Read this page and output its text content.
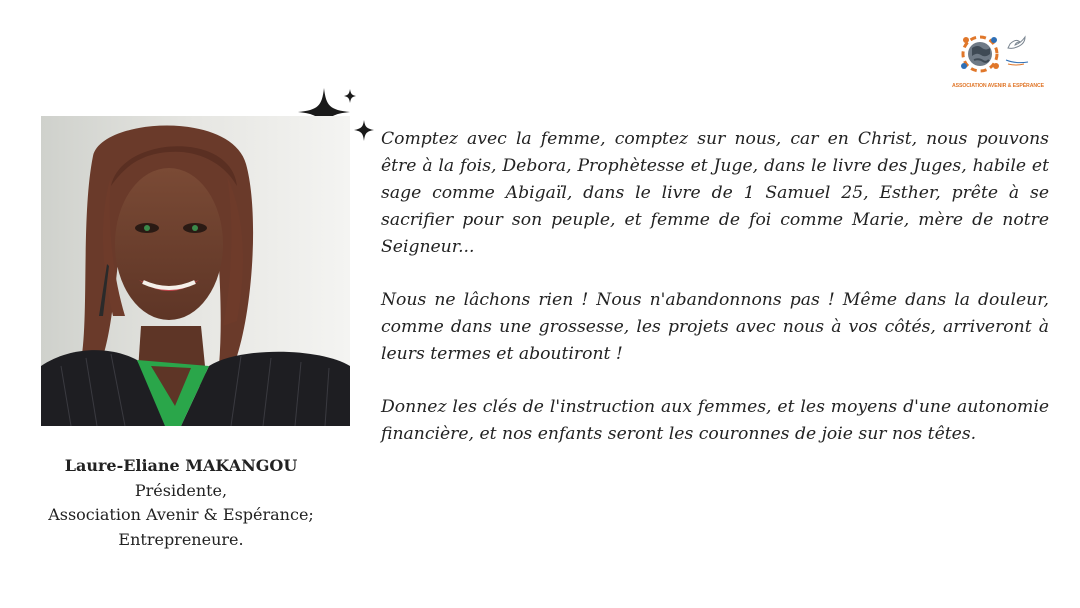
ASSOCIATION AVENIR & ESPÉRANCE
Laure-Eliane MAKANGOU
Présidente,
Association Avenir & Espérance;
Entrepreneure.

Comptez avec la femme, comptez sur nous, car en Christ, nous pouvons être à la fois, Debora, Prophètesse et Juge, dans le livre des Juges, habile et sage comme Abigaïl, dans le livre de 1 Samuel 25, Esther, prête à se sacrifier pour son peuple, et femme de foi comme Marie, mère de notre Seigneur...

Nous ne lâchons rien ! Nous n'abandonnons pas ! Même dans la douleur, comme dans une grossesse, les projets avec nous à vos côtés, arriveront à leurs termes et aboutiront !

Donnez les clés de l'instruction aux femmes, et les moyens d'une autonomie financière, et nos enfants seront les couronnes de joie sur nos têtes.
